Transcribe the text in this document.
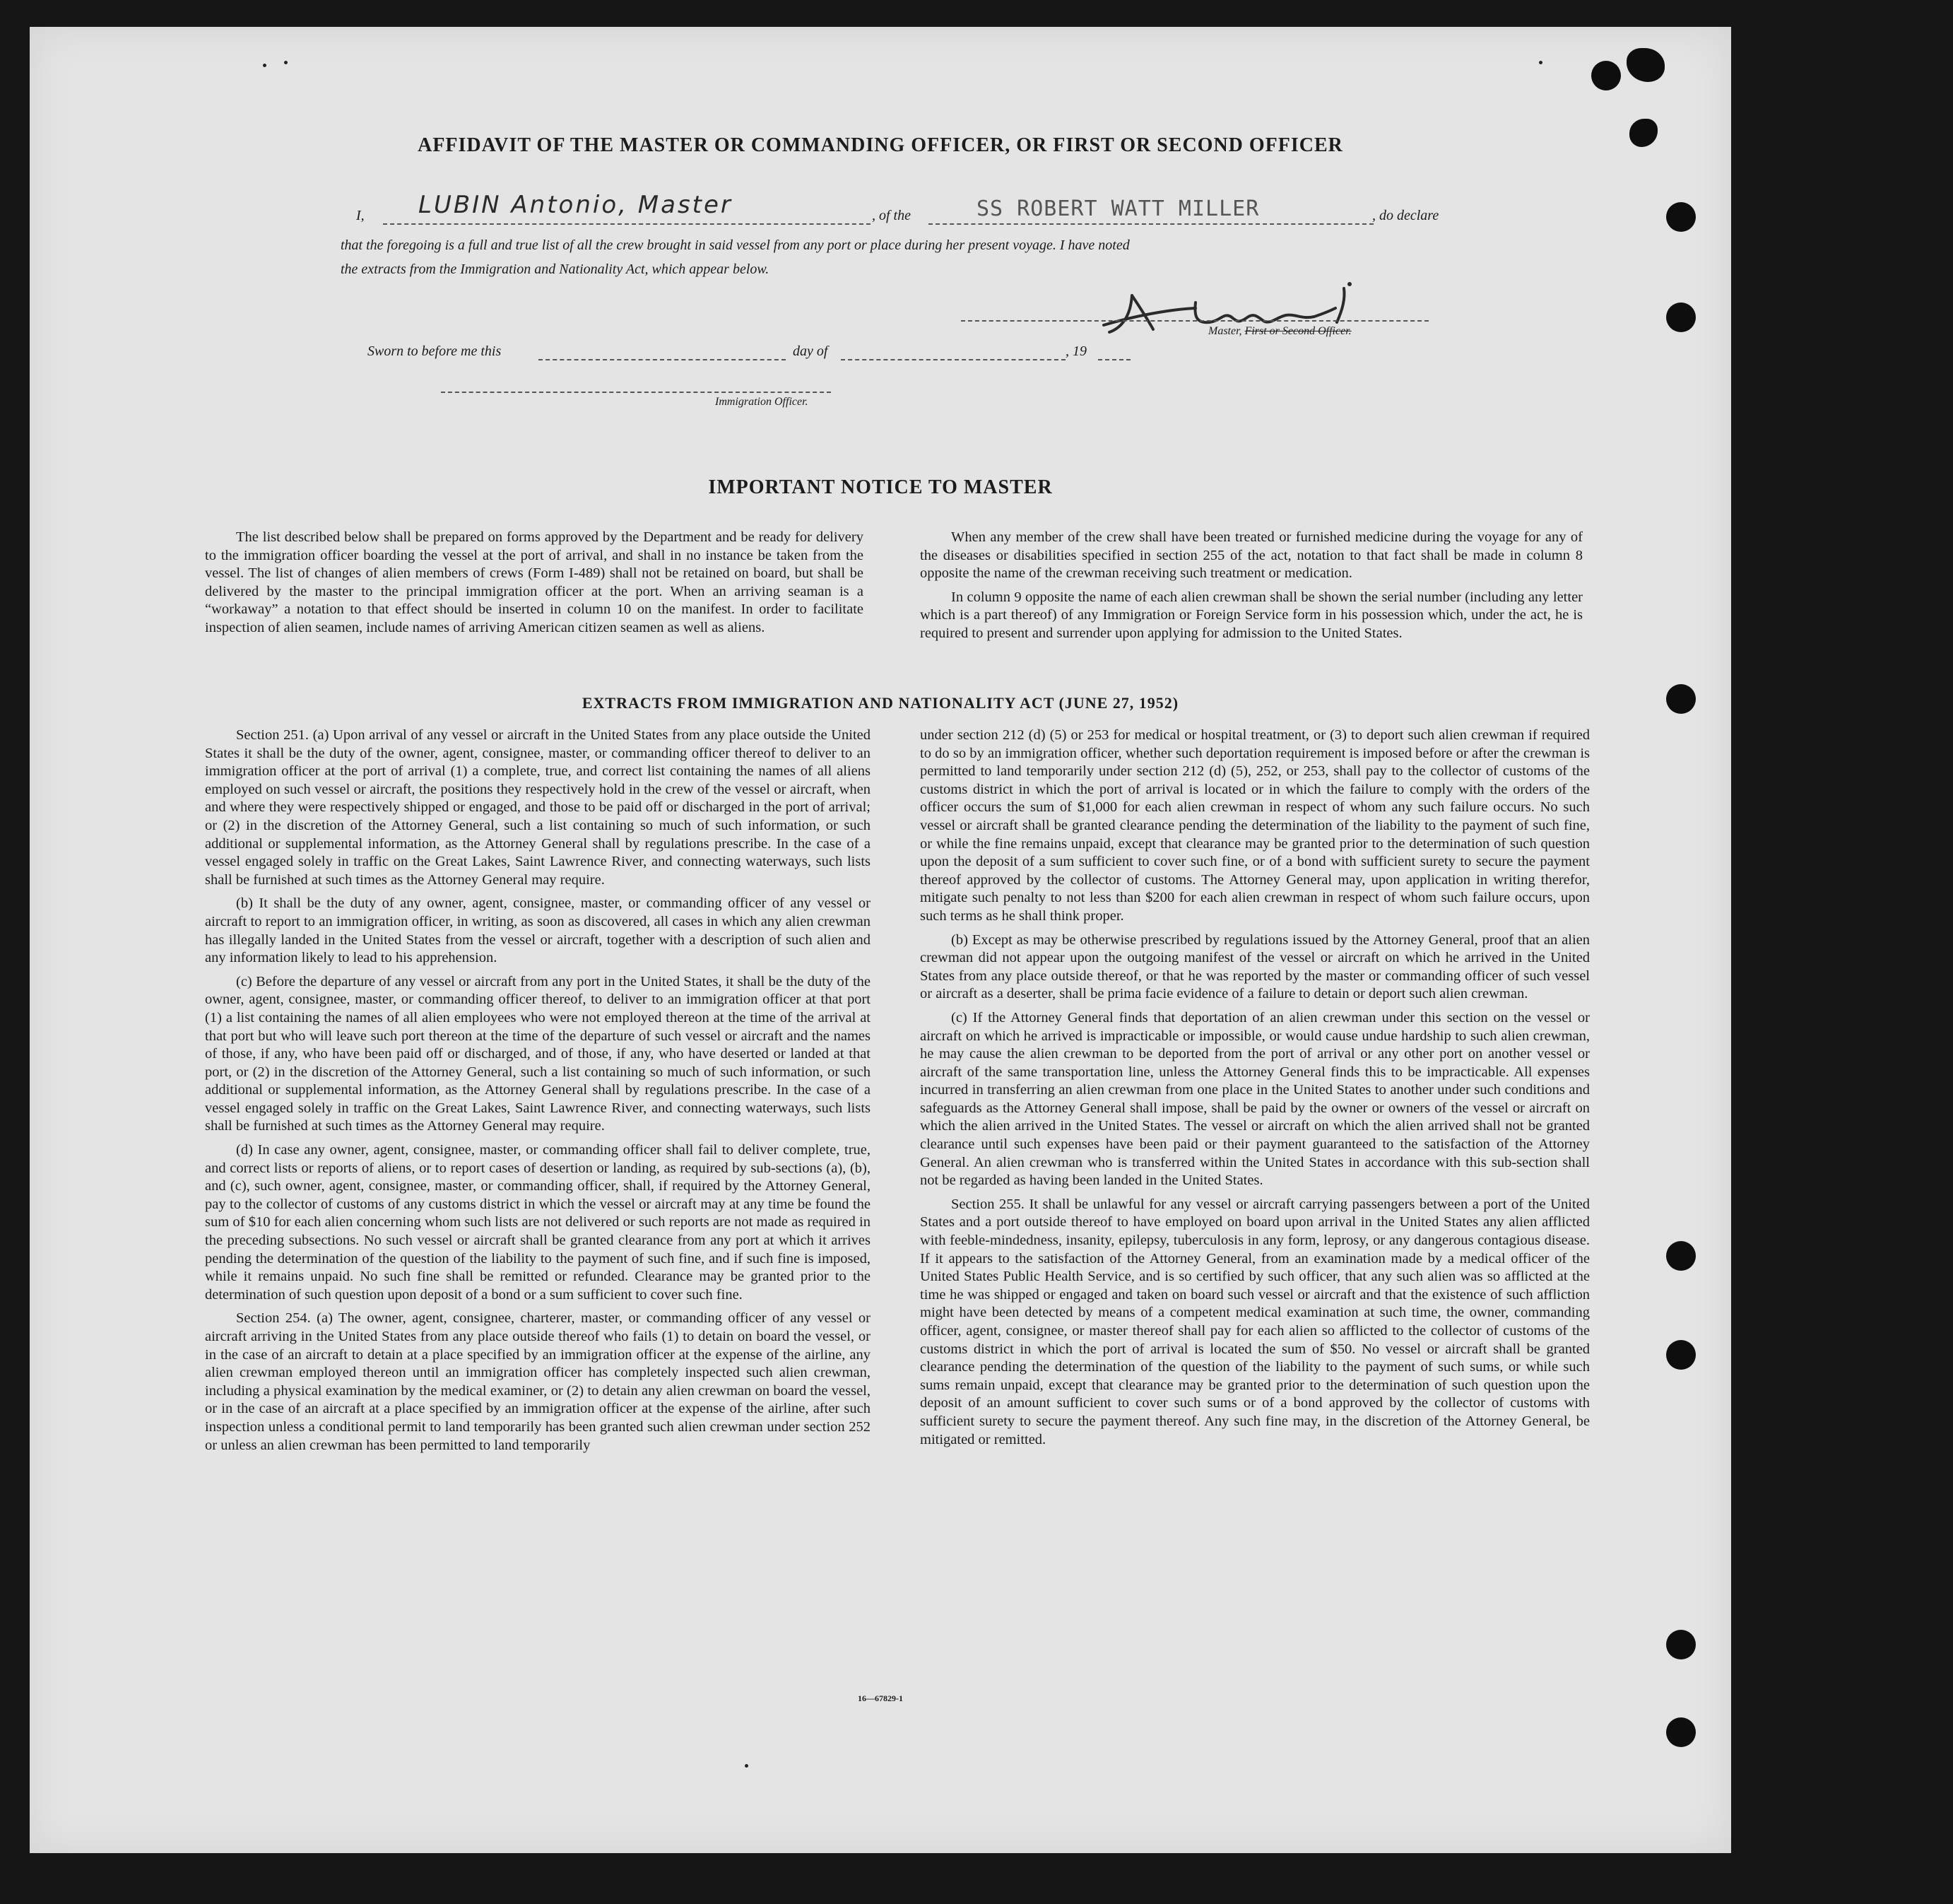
AFFIDAVIT OF THE MASTER OR COMMANDING OFFICER, OR FIRST OR SECOND OFFICER
I, LUBIN Antonio, Master	, of the	SS ROBERT WATT MILLER	, do declare
that the foregoing is a full and true list of all the crew brought in said vessel from any port or place during her present voyage. I have noted
the extracts from the Immigration and Nationality Act, which appear below.
Master, First or Second Officer.
Sworn to before me this	day of	, 19
Immigration Officer.
IMPORTANT NOTICE TO MASTER

The list described below shall be prepared on forms approved by the Department and be ready for delivery to the immigration officer boarding the vessel at the port of arrival, and shall in no instance be taken from the vessel. The list of changes of alien members of crews (Form I-489) shall not be retained on board, but shall be delivered by the master to the principal immigration officer at the port. When an arriving seaman is a “workaway” a notation to that effect should be inserted in column 10 on the manifest. In order to facilitate inspection of alien seamen, include names of arriving American citizen seamen as well as aliens.

When any member of the crew shall have been treated or furnished medicine during the voyage for any of the diseases or disabilities specified in section 255 of the act, notation to that fact shall be made in column 8 opposite the name of the crewman receiving such treatment or medication.

In column 9 opposite the name of each alien crewman shall be shown the serial number (including any letter which is a part thereof) of any Immigration or Foreign Service form in his possession which, under the act, he is required to present and surrender upon applying for admission to the United States.

EXTRACTS FROM IMMIGRATION AND NATIONALITY ACT (JUNE 27, 1952)

Section 251. (a) Upon arrival of any vessel or aircraft in the United States from any place outside the United States it shall be the duty of the owner, agent, consignee, master, or commanding officer thereof to deliver to an immigration officer at the port of arrival (1) a complete, true, and correct list containing the names of all aliens employed on such vessel or aircraft, the positions they respectively hold in the crew of the vessel or aircraft, when and where they were respectively shipped or engaged, and those to be paid off or discharged in the port of arrival; or (2) in the discretion of the Attorney General, such a list containing so much of such information, or such additional or supplemental information, as the Attorney General shall by regulations prescribe. In the case of a vessel engaged solely in traffic on the Great Lakes, Saint Lawrence River, and connecting waterways, such lists shall be furnished at such times as the Attorney General may require.

(b) It shall be the duty of any owner, agent, consignee, master, or commanding officer of any vessel or aircraft to report to an immigration officer, in writing, as soon as discovered, all cases in which any alien crewman has illegally landed in the United States from the vessel or aircraft, together with a description of such alien and any information likely to lead to his apprehension.

(c) Before the departure of any vessel or aircraft from any port in the United States, it shall be the duty of the owner, agent, consignee, master, or commanding officer thereof, to deliver to an immigration officer at that port (1) a list containing the names of all alien employees who were not employed thereon at the time of the arrival at that port but who will leave such port thereon at the time of the departure of such vessel or aircraft and the names of those, if any, who have been paid off or discharged, and of those, if any, who have deserted or landed at that port, or (2) in the discretion of the Attorney General, such a list containing so much of such information, or such additional or supplemental information, as the Attorney General shall by regulations prescribe. In the case of a vessel engaged solely in traffic on the Great Lakes, Saint Lawrence River, and connecting waterways, such lists shall be furnished at such times as the Attorney General may require.

(d) In case any owner, agent, consignee, master, or commanding officer shall fail to deliver complete, true, and correct lists or reports of aliens, or to report cases of desertion or landing, as required by sub-sections (a), (b), and (c), such owner, agent, consignee, master, or commanding officer, shall, if required by the Attorney General, pay to the collector of customs of any customs district in which the vessel or aircraft may at any time be found the sum of $10 for each alien concerning whom such lists are not delivered or such reports are not made as required in the preceding subsections. No such vessel or aircraft shall be granted clearance from any port at which it arrives pending the determination of the question of the liability to the payment of such fine, and if such fine is imposed, while it remains unpaid. No such fine shall be remitted or refunded. Clearance may be granted prior to the determination of such question upon deposit of a bond or a sum sufficient to cover such fine.

Section 254. (a) The owner, agent, consignee, charterer, master, or commanding officer of any vessel or aircraft arriving in the United States from any place outside thereof who fails (1) to detain on board the vessel, or in the case of an aircraft to detain at a place specified by an immigration officer at the expense of the airline, any alien crewman employed thereon until an immigration officer has completely inspected such alien crewman, including a physical examination by the medical examiner, or (2) to detain any alien crewman on board the vessel, or in the case of an aircraft at a place specified by an immigration officer at the expense of the airline, after such inspection unless a conditional permit to land temporarily has been granted such alien crewman under section 252 or unless an alien crewman has been permitted to land temporarily

under section 212 (d) (5) or 253 for medical or hospital treatment, or (3) to deport such alien crewman if required to do so by an immigration officer, whether such deportation requirement is imposed before or after the crewman is permitted to land temporarily under section 212 (d) (5), 252, or 253, shall pay to the collector of customs of the customs district in which the port of arrival is located or in which the failure to comply with the orders of the officer occurs the sum of $1,000 for each alien crewman in respect of whom any such failure occurs. No such vessel or aircraft shall be granted clearance pending the determination of the liability to the payment of such fine, or while the fine remains unpaid, except that clearance may be granted prior to the determination of such question upon the deposit of a sum sufficient to cover such fine, or of a bond with sufficient surety to secure the payment thereof approved by the collector of customs. The Attorney General may, upon application in writing therefor, mitigate such penalty to not less than $200 for each alien crewman in respect of whom such failure occurs, upon such terms as he shall think proper.

(b) Except as may be otherwise prescribed by regulations issued by the Attorney General, proof that an alien crewman did not appear upon the outgoing manifest of the vessel or aircraft on which he arrived in the United States from any place outside thereof, or that he was reported by the master or commanding officer of such vessel or aircraft as a deserter, shall be prima facie evidence of a failure to detain or deport such alien crewman.

(c) If the Attorney General finds that deportation of an alien crewman under this section on the vessel or aircraft on which he arrived is impracticable or impossible, or would cause undue hardship to such alien crewman, he may cause the alien crewman to be deported from the port of arrival or any other port on another vessel or aircraft of the same transportation line, unless the Attorney General finds this to be impracticable. All expenses incurred in transferring an alien crewman from one place in the United States to another under such conditions and safeguards as the Attorney General shall impose, shall be paid by the owner or owners of the vessel or aircraft on which the alien arrived in the United States. The vessel or aircraft on which the alien arrived shall not be granted clearance until such expenses have been paid or their payment guaranteed to the satisfaction of the Attorney General. An alien crewman who is transferred within the United States in accordance with this sub-section shall not be regarded as having been landed in the United States.

Section 255. It shall be unlawful for any vessel or aircraft carrying passengers between a port of the United States and a port outside thereof to have employed on board upon arrival in the United States any alien afflicted with feeble-mindedness, insanity, epilepsy, tuberculosis in any form, leprosy, or any dangerous contagious disease. If it appears to the satisfaction of the Attorney General, from an examination made by a medical officer of the United States Public Health Service, and is so certified by such officer, that any such alien was so afflicted at the time he was shipped or engaged and taken on board such vessel or aircraft and that the existence of such affliction might have been detected by means of a competent medical examination at such time, the owner, commanding officer, agent, consignee, or master thereof shall pay for each alien so afflicted to the collector of customs of the customs district in which the port of arrival is located the sum of $50. No vessel or aircraft shall be granted clearance pending the determination of the question of the liability to the payment of such sums, or while such sums remain unpaid, except that clearance may be granted prior to the determination of such question upon the deposit of an amount sufficient to cover such sums or of a bond approved by the collector of customs with sufficient surety to secure the payment thereof. Any such fine may, in the discretion of the Attorney General, be mitigated or remitted.

16—67829-1
